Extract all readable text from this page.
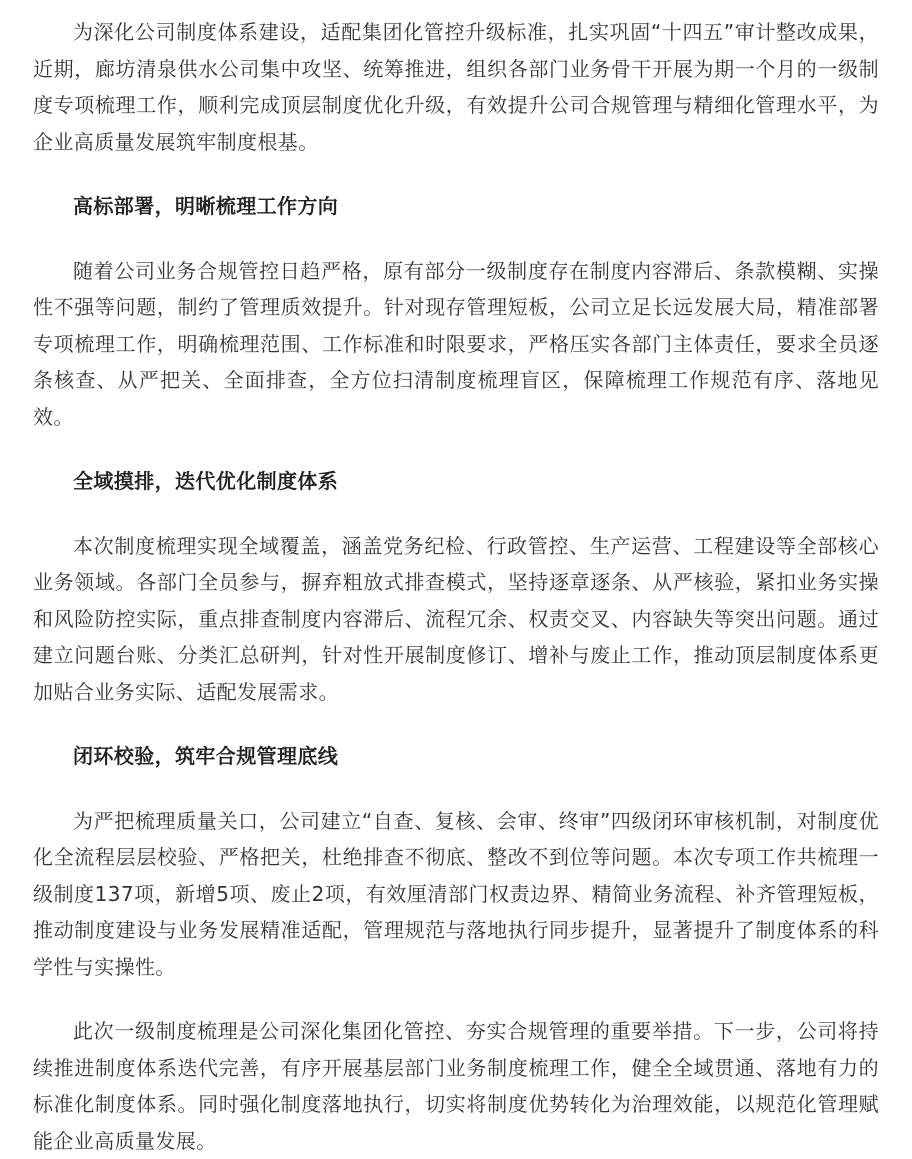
为深化公司制度体系建设，适配集团化管控升级标准，扎实巩固“十四五”审计整改成果，近期，廊坊清泉供水公司集中攻坚、统筹推进，组织各部门业务骨干开展为期一个月的一级制度专项梳理工作，顺利完成顶层制度优化升级，有效提升公司合规管理与精细化管理水平，为企业高质量发展筑牢制度根基。

高标部署，明晰梳理工作方向

随着公司业务合规管控日趋严格，原有部分一级制度存在制度内容滞后、条款模糊、实操性不强等问题，制约了管理质效提升。针对现存管理短板，公司立足长远发展大局，精准部署专项梳理工作，明确梳理范围、工作标准和时限要求，严格压实各部门主体责任，要求全员逐条核查、从严把关、全面排查，全方位扫清制度梳理盲区，保障梳理工作规范有序、落地见效。

全域摸排，迭代优化制度体系

本次制度梳理实现全域覆盖，涵盖党务纪检、行政管控、生产运营、工程建设等全部核心业务领域。各部门全员参与，摒弃粗放式排查模式，坚持逐章逐条、从严核验，紧扣业务实操和风险防控实际，重点排查制度内容滞后、流程冗余、权责交叉、内容缺失等突出问题。通过建立问题台账、分类汇总研判，针对性开展制度修订、增补与废止工作，推动顶层制度体系更加贴合业务实际、适配发展需求。

闭环校验，筑牢合规管理底线

为严把梳理质量关口，公司建立“自查、复核、会审、终审”四级闭环审核机制，对制度优化全流程层层校验、严格把关，杜绝排查不彻底、整改不到位等问题。本次专项工作共梳理一级制度137项，新增5项、废止2项，有效厘清部门权责边界、精简业务流程、补齐管理短板，推动制度建设与业务发展精准适配，管理规范与落地执行同步提升，显著提升了制度体系的科学性与实操性。

此次一级制度梳理是公司深化集团化管控、夯实合规管理的重要举措。下一步，公司将持续推进制度体系迭代完善，有序开展基层部门业务制度梳理工作，健全全域贯通、落地有力的标准化制度体系。同时强化制度落地执行，切实将制度优势转化为治理效能，以规范化管理赋能企业高质量发展。
